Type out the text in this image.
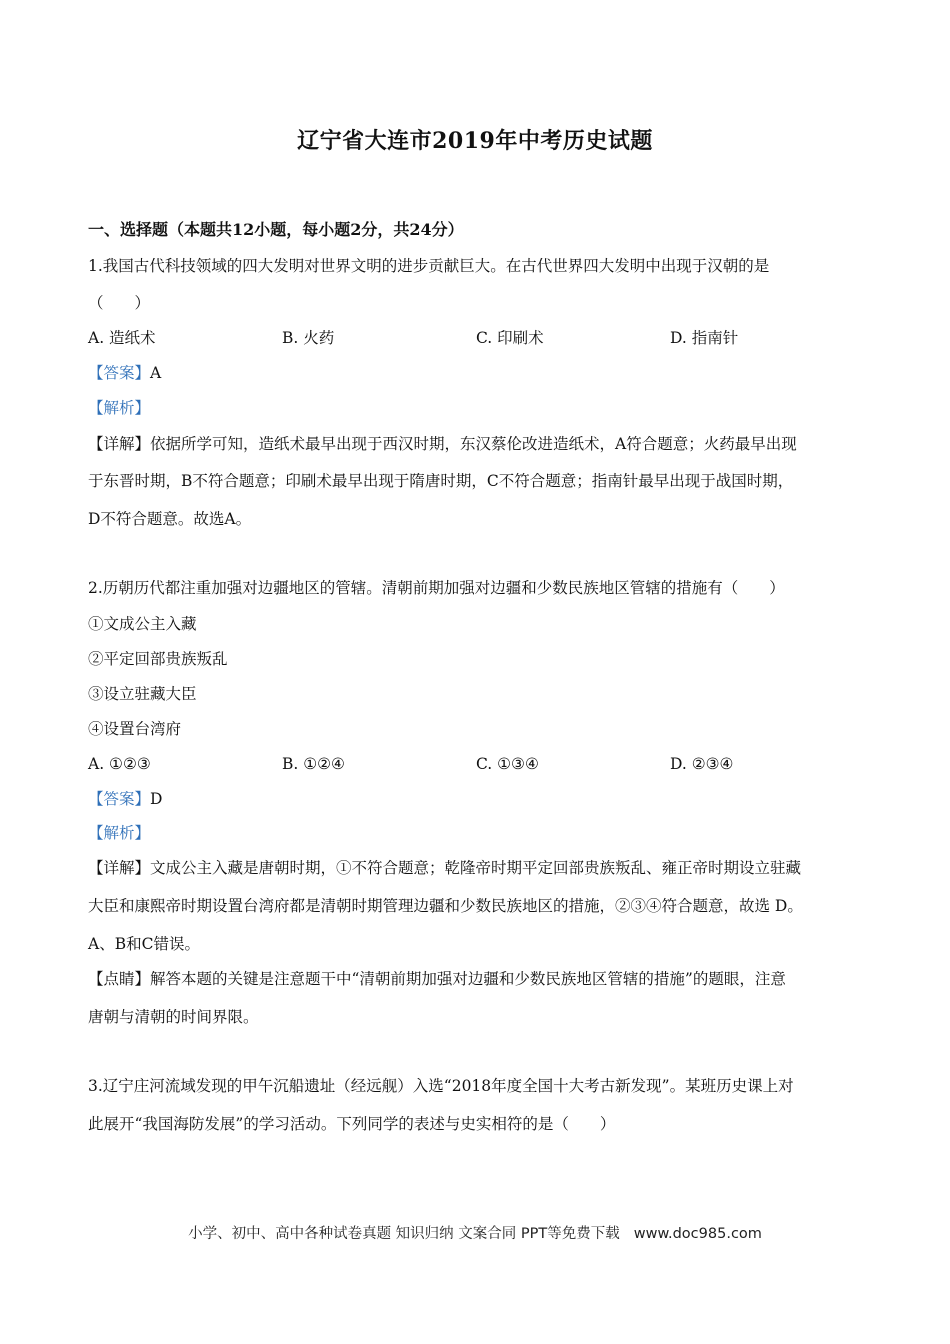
辽宁省大连市2019年中考历史试题
一、选择题（本题共12小题，每小题2分，共24分）
1.我国古代科技领域的四大发明对世界文明的进步贡献巨大。在古代世界四大发明中出现于汉朝的是
（　　）
A. 造纸术	B. 火药	C. 印刷术	D. 指南针
【答案】A
【解析】
【详解】依据所学可知，造纸术最早出现于西汉时期，东汉蔡伦改进造纸术，A符合题意；火药最早出现
于东晋时期，B不符合题意；印刷术最早出现于隋唐时期，C不符合题意；指南针最早出现于战国时期，
D不符合题意。故选A。
2.历朝历代都注重加强对边疆地区的管辖。清朝前期加强对边疆和少数民族地区管辖的措施有（　　）
①文成公主入藏
②平定回部贵族叛乱
③设立驻藏大臣
④设置台湾府
A. ①②③	B. ①②④	C. ①③④	D. ②③④
【答案】D
【解析】
【详解】文成公主入藏是唐朝时期，①不符合题意；乾隆帝时期平定回部贵族叛乱、雍正帝时期设立驻藏
大臣和康熙帝时期设置台湾府都是清朝时期管理边疆和少数民族地区的措施，②③④符合题意，故选 D。
A、B和C错误。
【点睛】解答本题的关键是注意题干中“清朝前期加强对边疆和少数民族地区管辖的措施”的题眼，注意
唐朝与清朝的时间界限。
3.辽宁庄河流域发现的甲午沉船遗址（经远舰）入选“2018年度全国十大考古新发现”。某班历史课上对
此展开“我国海防发展”的学习活动。下列同学的表述与史实相符的是（　　）
小学、初中、高中各种试卷真题 知识归纳 文案合同 PPT等免费下载 www.doc985.com
